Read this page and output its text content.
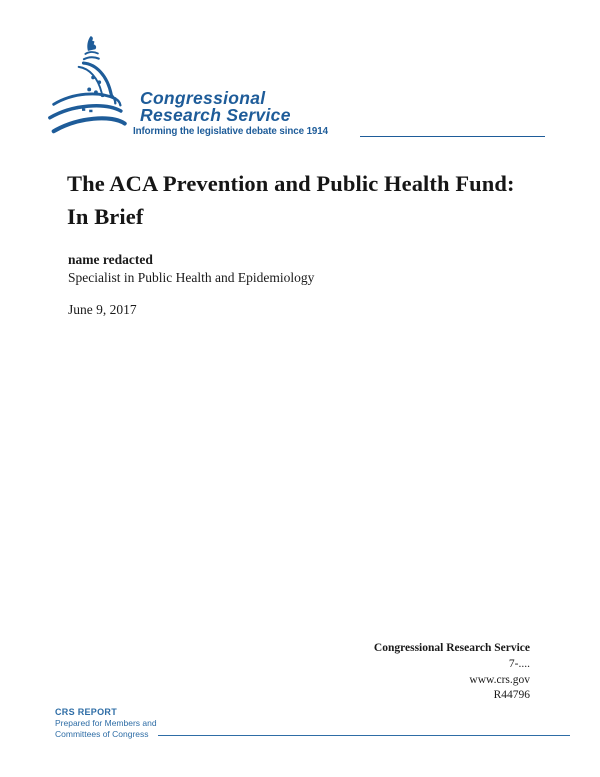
Congressional
Research Service
Informing the legislative debate since 1914
The ACA Prevention and Public Health Fund:
In Brief
name redacted
Specialist in Public Health and Epidemiology
June 9, 2017
Congressional Research Service
7-....
www.crs.gov
R44796
CRS REPORT
Prepared for Members and
Committees of Congress
